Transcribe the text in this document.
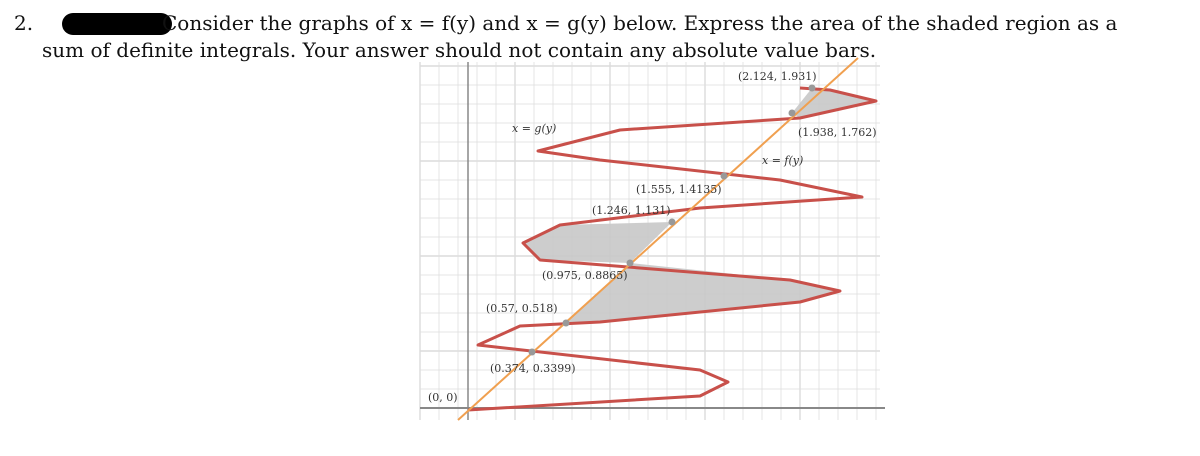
2.	Consider the graphs of x = f(y) and x = g(y) below. Express the area of the shaded region as a
sum of definite integrals. Your answer should not contain any absolute value bars.
(0.374, 0.3399)
(0.57, 0.518)
(0.975, 0.8865)
(1.246, 1.131)
(1.555, 1.4135)
(1.938, 1.762)
(2.124, 1.931)
(0, 0)
x = g(y)
x = f(y)
